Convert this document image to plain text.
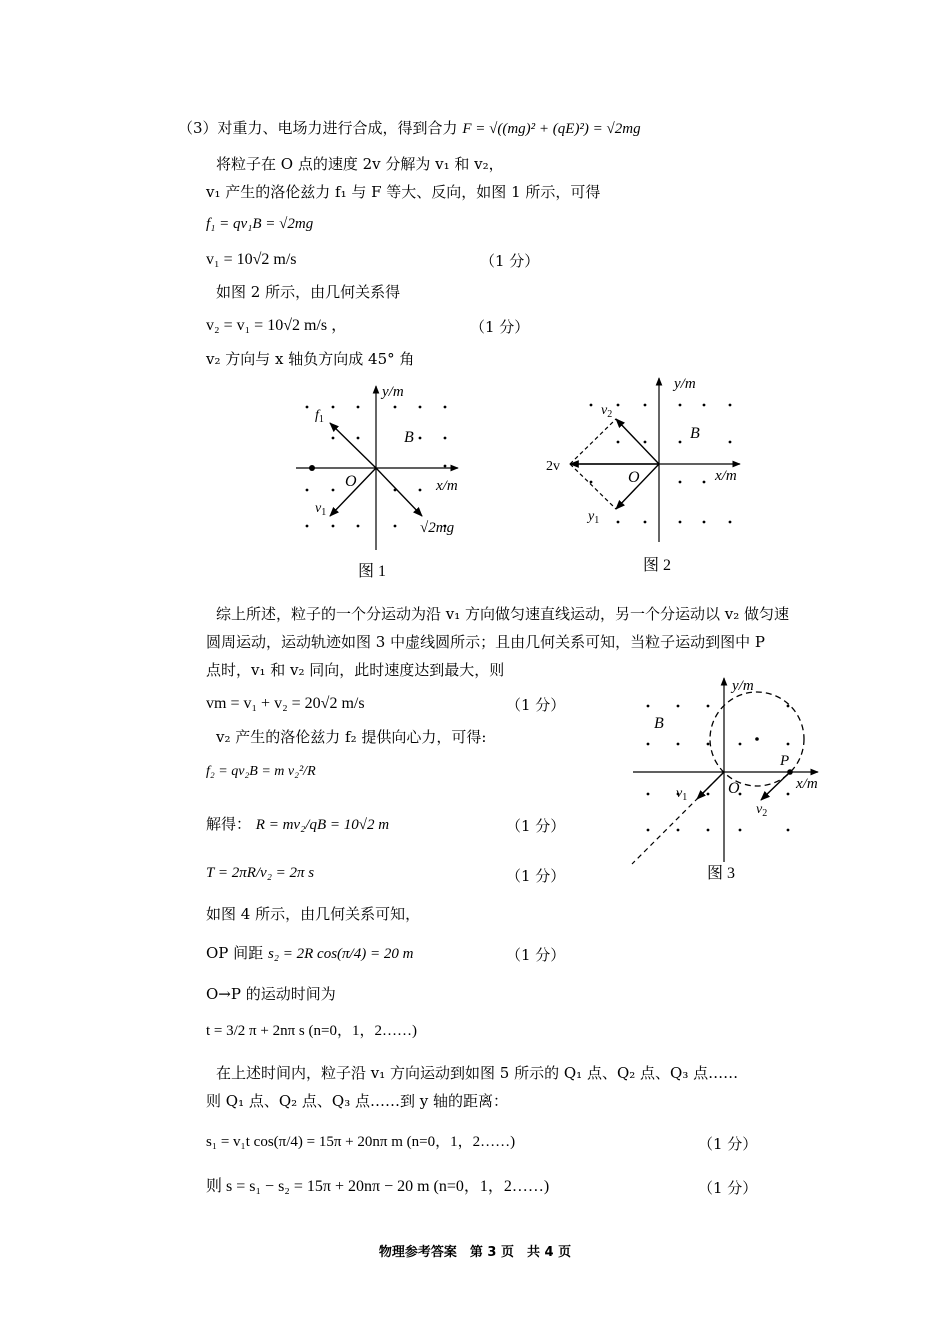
（3）对重力、电场力进行合成，得到合力 F = √((mg)² + (qE)²) = √2mg
将粒子在 O 点的速度 2v 分解为 v₁ 和 v₂，
v₁ 产生的洛伦兹力 f₁ 与 F 等大、反向，如图 1 所示，可得
f₁ = qv₁B = √2mg
v₁ = 10√2 m/s	（1 分）
如图 2 所示，由几何关系得
v₂ = v₁ = 10√2 m/s ，	（1 分）
v₂ 方向与 x 轴负方向成 45° 角
y/m
x/m
O
B
$f_1$
$v_1$
√2mg
图 1
y/m
x/m
O
B
2v
$v_2$
$y_1$
图 2
综上所述，粒子的一个分运动为沿 v₁ 方向做匀速直线运动，另一个分运动以 v₂ 做匀速
圆周运动，运动轨迹如图 3 中虚线圆所示；且由几何关系可知，当粒子运动到图中 P
点时，v₁ 和 v₂ 同向，此时速度达到最大，则
vm = v₁ + v₂ = 20√2 m/s	（1 分）
v₂ 产生的洛伦兹力 f₂ 提供向心力，可得:
f₂ = qv₂B = m v₂²/R
解得： R = mv₂/qB = 10√2 m	（1 分）
T = 2πR/v₂ = 2π s	（1 分）
y/m
x/m
O
B
P
$v_1$
$v_2$
图 3
如图 4 所示，由几何关系可知，
OP 间距 s₂ = 2R cos(π/4) = 20 m	（1 分）
O→P 的运动时间为
t = 3/2 π + 2nπ s (n=0，1，2……)
在上述时间内，粒子沿 v₁ 方向运动到如图 5 所示的 Q₁ 点、Q₂ 点、Q₃ 点……
则 Q₁ 点、Q₂ 点、Q₃ 点……到 y 轴的距离：
s₁ = v₁t cos(π/4) = 15π + 20nπ m (n=0，1，2……)	（1 分）
则 s = s₁ − s₂ = 15π + 20nπ − 20 m (n=0，1，2……)	（1 分）
物理参考答案　第 3 页　共 4 页
